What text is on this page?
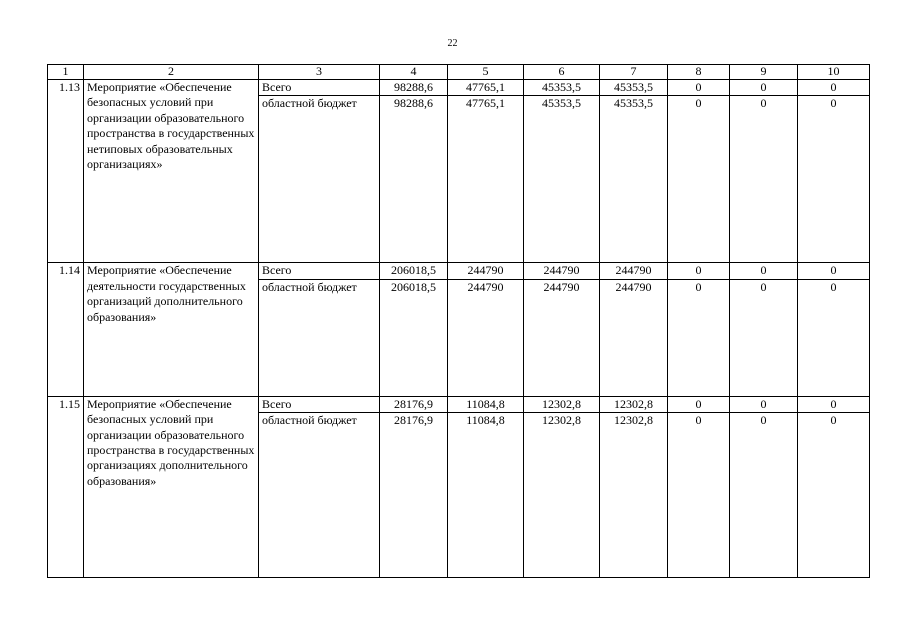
22
1	2	3	4	5	6	7	8	9	10
1.13	Мероприятие «Обеспечение безопасных условий при организации образовательного пространства в государственных нетиповых образовательных организациях»	Всего	98288,6	47765,1	45353,5	45353,5	0	0	0
		областной бюджет	98288,6	47765,1	45353,5	45353,5	0	0	0
1.14	Мероприятие «Обеспечение деятельности государственных организаций дополнительного образования»	Всего	206018,5	244790	244790	244790	0	0	0
		областной бюджет	206018,5	244790	244790	244790	0	0	0
1.15	Мероприятие «Обеспечение безопасных условий при организации образовательного пространства в государственных организациях дополнительного образования»	Всего	28176,9	11084,8	12302,8	12302,8	0	0	0
		областной бюджет	28176,9	11084,8	12302,8	12302,8	0	0	0
